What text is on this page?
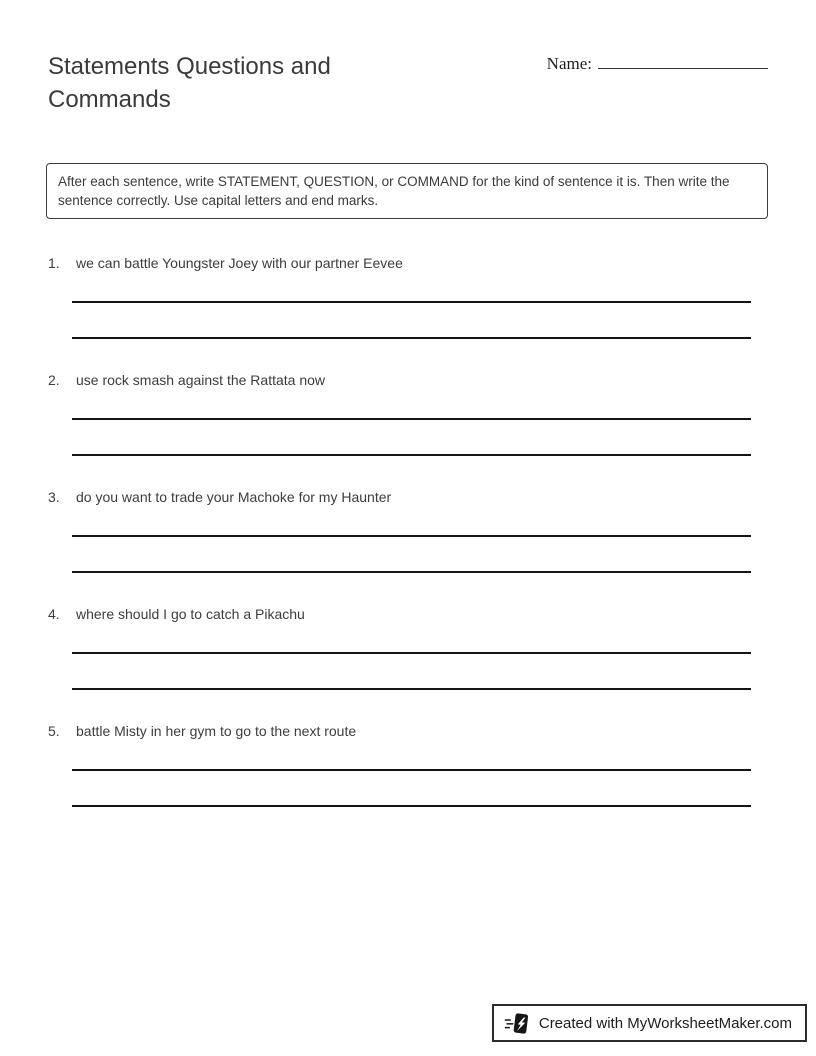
Statements Questions and Commands
Name:
After each sentence, write STATEMENT, QUESTION, or COMMAND for the kind of sentence it is. Then write the sentence correctly. Use capital letters and end marks.
1. we can battle Youngster Joey with our partner Eevee
2. use rock smash against the Rattata now
3. do you want to trade your Machoke for my Haunter
4. where should I go to catch a Pikachu
5. battle Misty in her gym to go to the next route
Created with MyWorksheetMaker.com
